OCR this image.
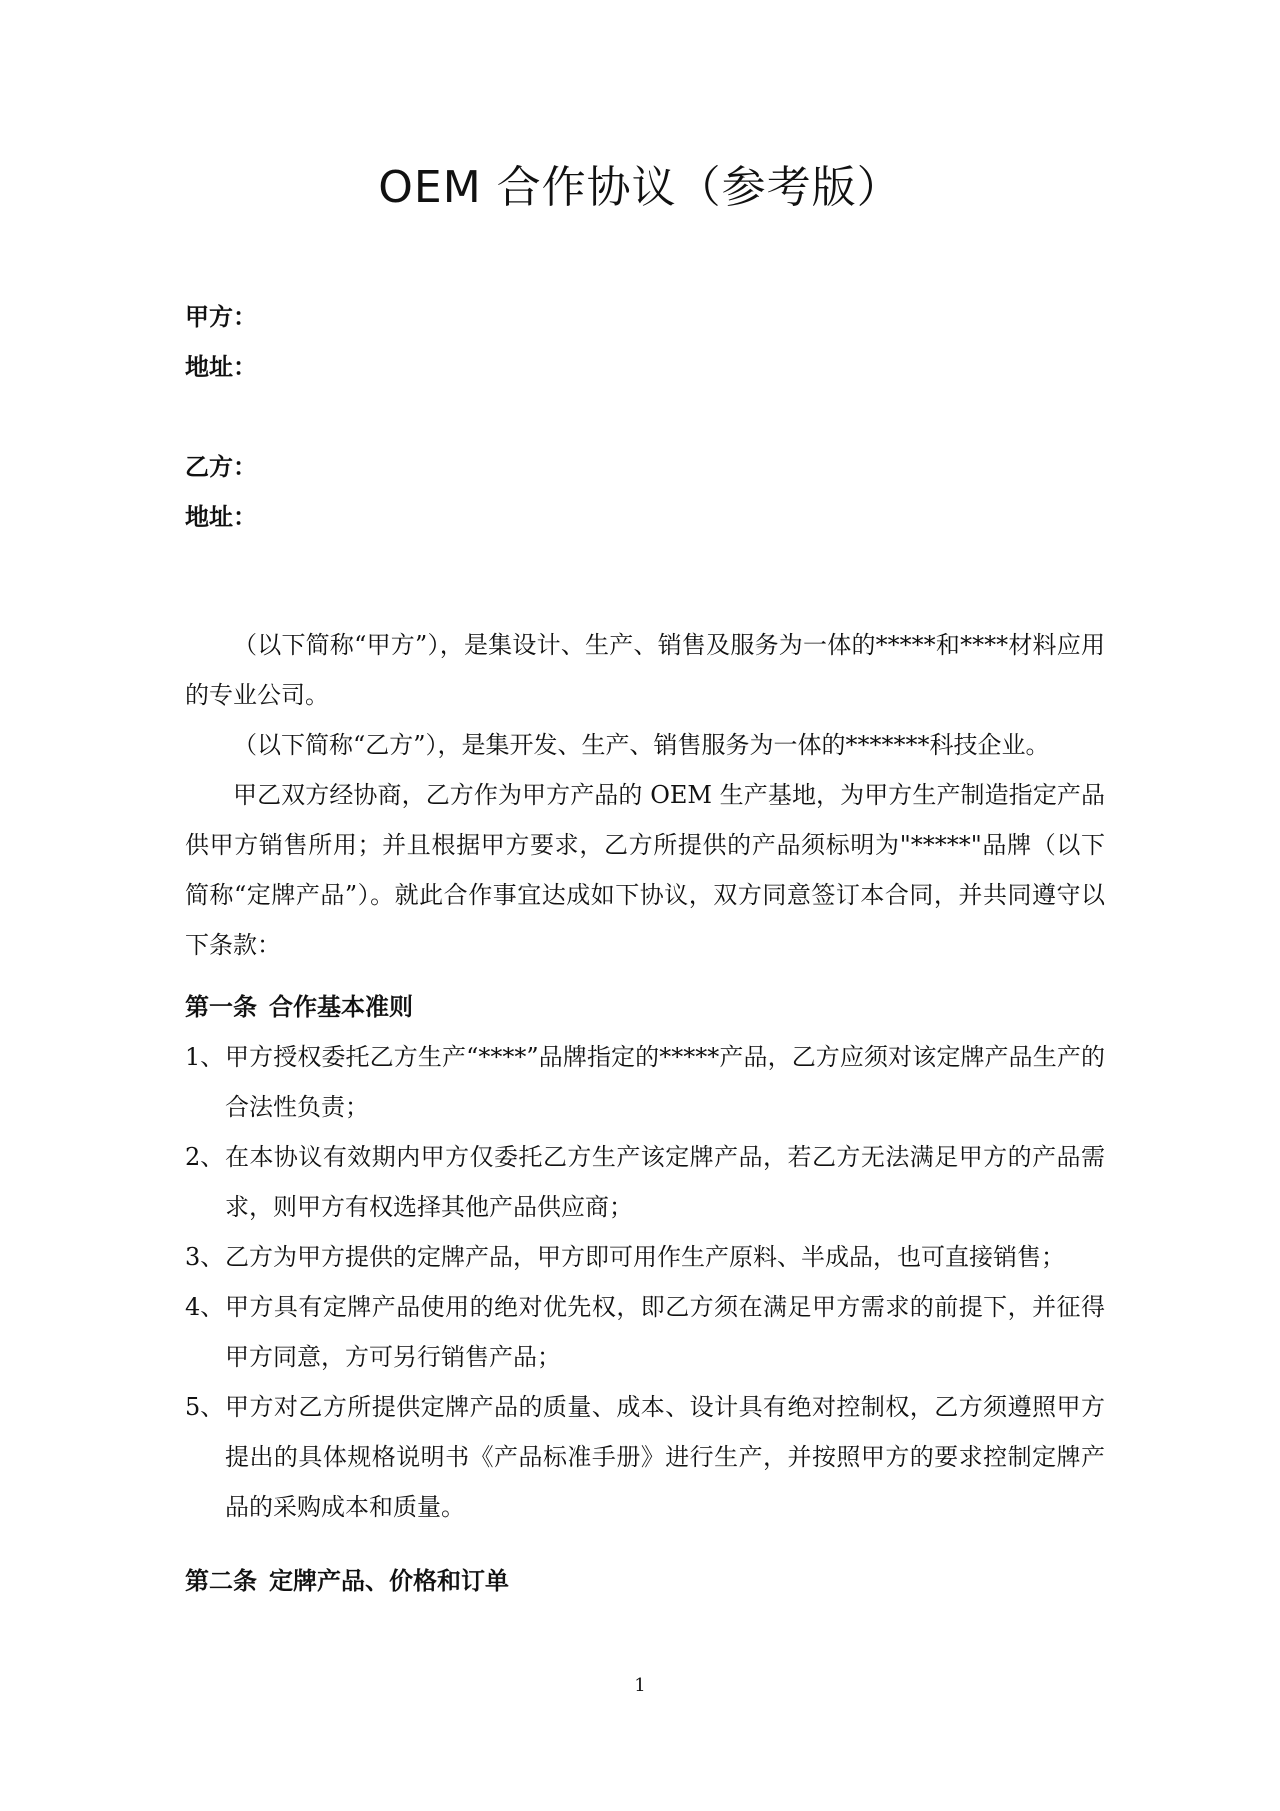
OEM 合作协议（参考版）

甲方：

地址：

乙方：

地址：

（以下简称“甲方”），是集设计、生产、销售及服务为一体的*****和****材料应用的专业公司。

（以下简称“乙方”），是集开发、生产、销售服务为一体的*******科技企业。

甲乙双方经协商，乙方作为甲方产品的 OEM 生产基地，为甲方生产制造指定产品供甲方销售所用；并且根据甲方要求，乙方所提供的产品须标明为"*****"品牌（以下简称“定牌产品”）。就此合作事宜达成如下协议，双方同意签订本合同，并共同遵守以下条款：

第一条 合作基本准则

1、 甲方授权委托乙方生产“****”品牌指定的*****产品，乙方应须对该定牌产品生产的合法性负责；

2、 在本协议有效期内甲方仅委托乙方生产该定牌产品，若乙方无法满足甲方的产品需求，则甲方有权选择其他产品供应商；

3、 乙方为甲方提供的定牌产品，甲方即可用作生产原料、半成品，也可直接销售；

4、 甲方具有定牌产品使用的绝对优先权，即乙方须在满足甲方需求的前提下，并征得甲方同意，方可另行销售产品；

5、 甲方对乙方所提供定牌产品的质量、成本、设计具有绝对控制权，乙方须遵照甲方提出的具体规格说明书《产品标准手册》进行生产，并按照甲方的要求控制定牌产品的采购成本和质量。

第二条 定牌产品、价格和订单

1
